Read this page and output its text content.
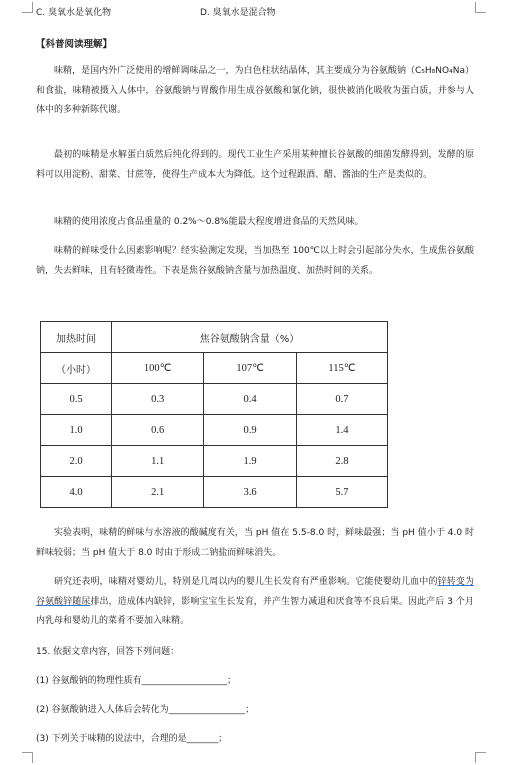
C. 臭氧水是氧化物	D. 臭氧水是混合物
【科普阅读理解】
味精，是国内外广泛使用的增鲜调味品之一，为白色柱状结晶体，其主要成分为谷氨酸钠（C₅H₈NO₄Na）和食盐，味精被摄入人体中，谷氨酸钠与胃酸作用生成谷氨酸和氯化钠，很快被消化吸收为蛋白质，并参与人体中的多种新陈代谢。
最初的味精是水解蛋白质然后纯化得到的。现代工业生产采用某种擅长谷氨酸的细菌发酵得到，发酵的原料可以用淀粉、甜菜、甘蔗等，使得生产成本大为降低。这个过程跟酒、醋、酱油的生产是类似的。
味精的使用浓度占食品重量的 0.2%～0.8%能最大程度增进食品的天然风味。
味精的鲜味受什么因素影响呢？经实验测定发现，当加热至 100℃以上时会引起部分失水，生成焦谷氨酸钠，失去鲜味，且有轻微毒性。下表是焦谷氨酸钠含量与加热温度、加热时间的关系。
加热时间	焦谷氨酸钠含量（%）		
（小时）	100℃	107℃	115℃
0.5	0.3	0.4	0.7
1.0	0.6	0.9	1.4
2.0	1.1	1.9	2.8
4.0	2.1	3.6	5.7
实验表明，味精的鲜味与水溶液的酸碱度有关，当 pH 值在 5.5-8.0 时，鲜味最强；当 pH 值小于 4.0 时鲜味较弱；当 pH 值大于 8.0 时由于形成二钠盐而鲜味消失。
研究还表明，味精对婴幼儿，特别是几周以内的婴儿生长发育有严重影响。它能使婴幼儿血中的锌转变为谷氨酸锌随尿排出，造成体内缺锌，影响宝宝生长发育，并产生智力减退和厌食等不良后果。因此产后 3 个月内乳母和婴幼儿的菜肴不要加入味精。
15. 依据文章内容，回答下列问题：
(1) 谷氨酸钠的物理性质有___________________；
(2) 谷氨酸钠进入人体后会转化为_________________；
(3) 下列关于味精的说法中，合理的是_______；
